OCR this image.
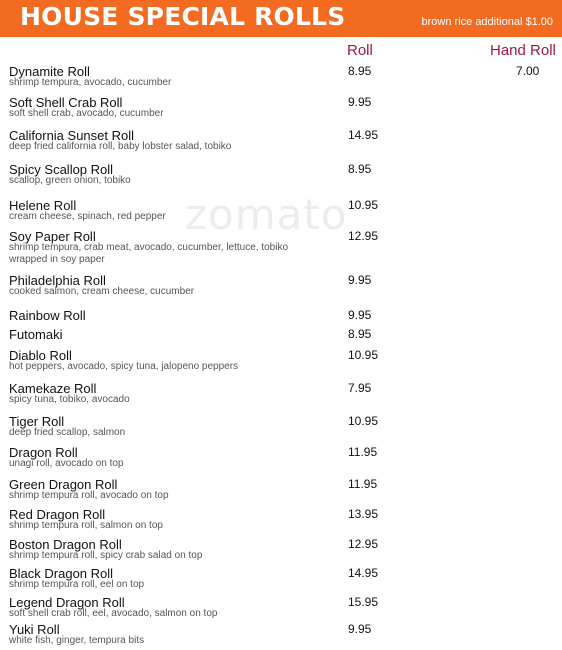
HOUSE SPECIAL ROLLS	brown rice additional $1.00
Roll	Hand Roll
zomato
Dynamite Roll
shrimp tempura, avocado, cucumber
8.95	7.00
Soft Shell Crab Roll
soft shell crab, avocado, cucumber
9.95
California Sunset Roll
deep fried california roll, baby lobster salad, tobiko
14.95
Spicy Scallop Roll
scallop, green onion, tobiko
8.95
Helene Roll
cream cheese, spinach, red pepper
10.95
Soy Paper Roll
shrimp tempura, crab meat, avocado, cucumber, lettuce, tobiko wrapped in soy paper
12.95
Philadelphia Roll
cooked salmon, cream cheese, cucumber
9.95
Rainbow Roll	9.95
Futomaki	8.95
Diablo Roll
hot peppers, avocado, spicy tuna, jalopeno peppers
10.95
Kamekaze Roll
spicy tuna, tobiko, avocado
7.95
Tiger Roll
deep fried scallop, salmon
10.95
Dragon Roll
unagi roll, avocado on top
11.95
Green Dragon Roll
shrimp tempura roll, avocado on top
11.95
Red Dragon Roll
shrimp tempura roll, salmon on top
13.95
Boston Dragon Roll
shrimp tempura roll, spicy crab salad on top
12.95
Black Dragon Roll
shrimp tempura roll, eel on top
14.95
Legend Dragon Roll
soft shell crab roll, eel, avocado, salmon on top
15.95
Yuki Roll
white fish, ginger, tempura bits
9.95
